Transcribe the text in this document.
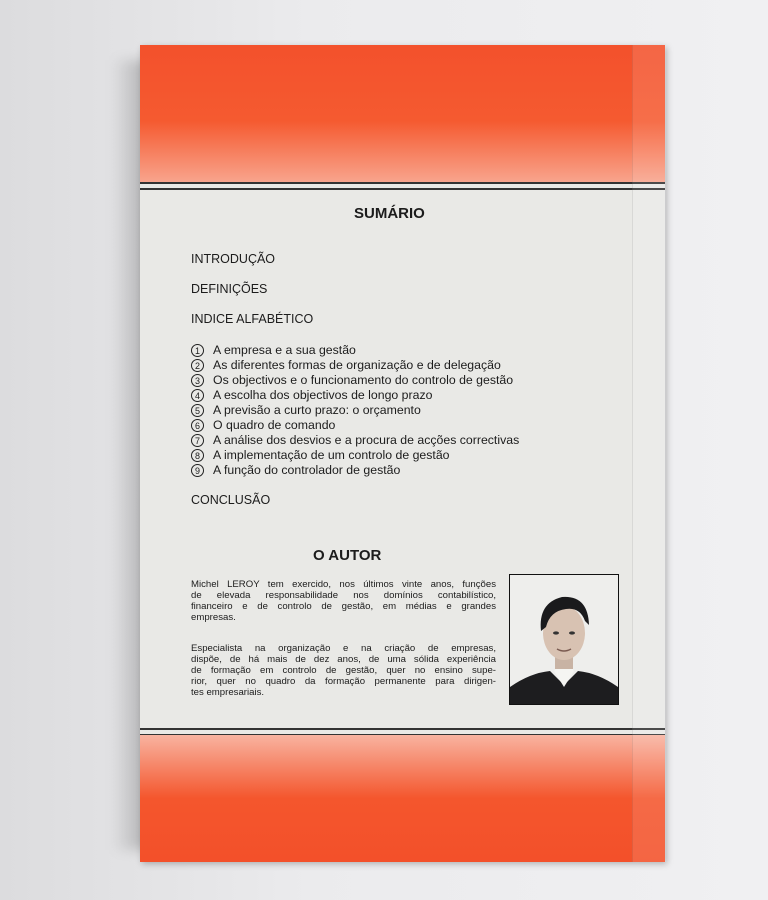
SUMÁRIO
INTRODUÇÃO
DEFINIÇÕES
INDICE ALFABÉTICO
1 A empresa e a sua gestão
2 As diferentes formas de organização e de delegação
3 Os objectivos e o funcionamento do controlo de gestão
4 A escolha dos objectivos de longo prazo
5 A previsão a curto prazo: o orçamento
6 O quadro de comando
7 A análise dos desvios e a procura de acções correctivas
8 A implementação de um controlo de gestão
9 A função do controlador de gestão
CONCLUSÃO
O AUTOR
Michel LEROY tem exercido, nos últimos vinte anos, funções
de elevada responsabilidade nos domínios contabilístico,
financeiro e de controlo de gestão, em médias e grandes
empresas.
Especialista na organização e na criação de empresas,
dispõe, de há mais de dez anos, de uma sólida experiência
de formação em controlo de gestão, quer no ensino supe-
rior, quer no quadro da formação permanente para dirigen-
tes empresariais.
